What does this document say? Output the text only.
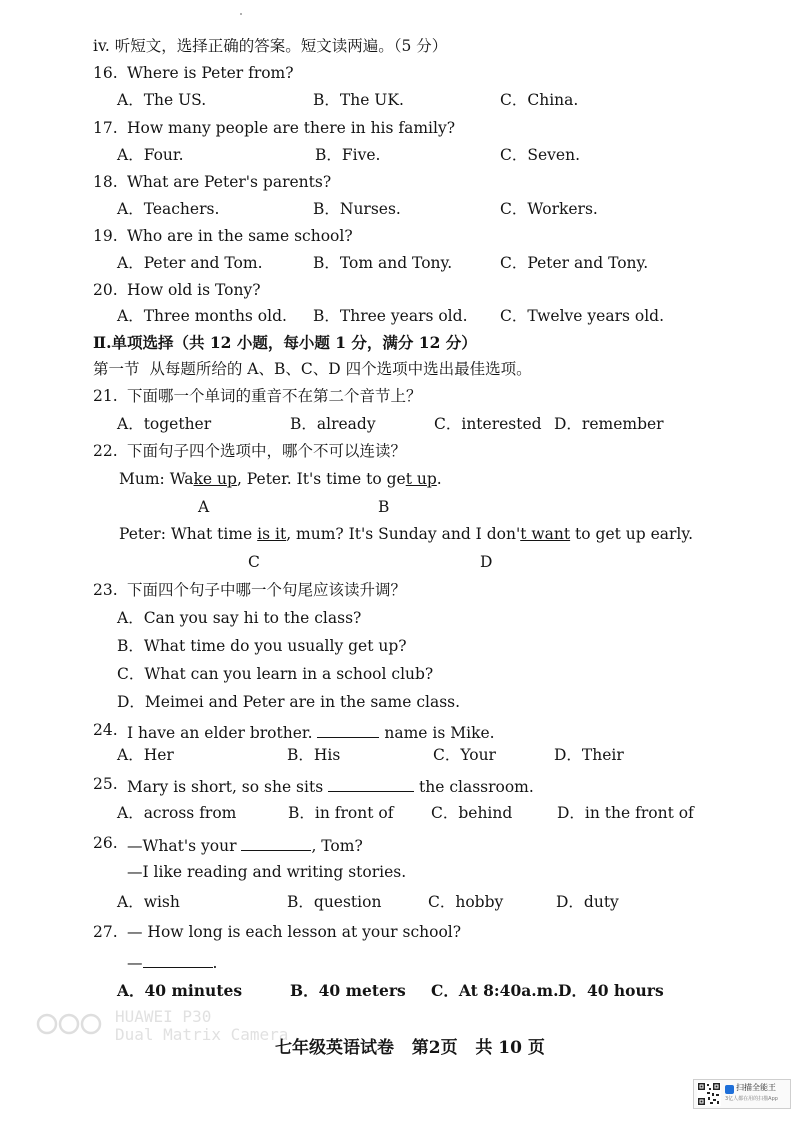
iv. 听短文，选择正确的答案。短文读两遍。（5 分）
16. Where is Peter from?
A．The US.	B．The UK.	C．China.
17. How many people are there in his family?
A．Four.	B．Five.	C．Seven.
18. What are Peter's parents?
A．Teachers.	B．Nurses.	C．Workers.
19. Who are in the same school?
A．Peter and Tom.	B．Tom and Tony.	C．Peter and Tony.
20. How old is Tony?
A．Three months old. B．Three years old. C．Twelve years old.
Ⅱ.单项选择（共 12 小题，每小题 1 分，满分 12 分）
第一节  从每题所给的 A、B、C、D 四个选项中选出最佳选项。
21. 下面哪一个单词的重音不在第二个音节上？
A．together	B．already	C．interested D．remember
22. 下面句子四个选项中，哪个不可以连读？
Mum: Wake up, Peter. It's time to get up.
A	B
Peter: What time is it, mum? It's Sunday and I don't want to get up early.
C	D
23. 下面四个句子中哪一个句尾应该读升调？
A．Can you say hi to the class?
B．What time do you usually get up?
C．What can you learn in a school club?
D．Meimei and Peter are in the same class.
24. I have an elder brother.	name is Mike.
A．Her	B．His	C．Your	D．Their
25. Mary is short, so she sits	the classroom.
A．across from	B．in front of C．behind	D．in the front of
26. —What's your	, Tom?
—I like reading and writing stories.
A．wish	B．question	C．hobby	D．duty
27. — How long is each lesson at your school?
—	.
A．40 minutes	B．40 meters C．At 8:40a.m. D．40 hours
HUAWEI P30
Dual Matrix Camera
七年级英语试卷   第2页   共 10 页
扫描全能王
3亿人都在用的扫描App
